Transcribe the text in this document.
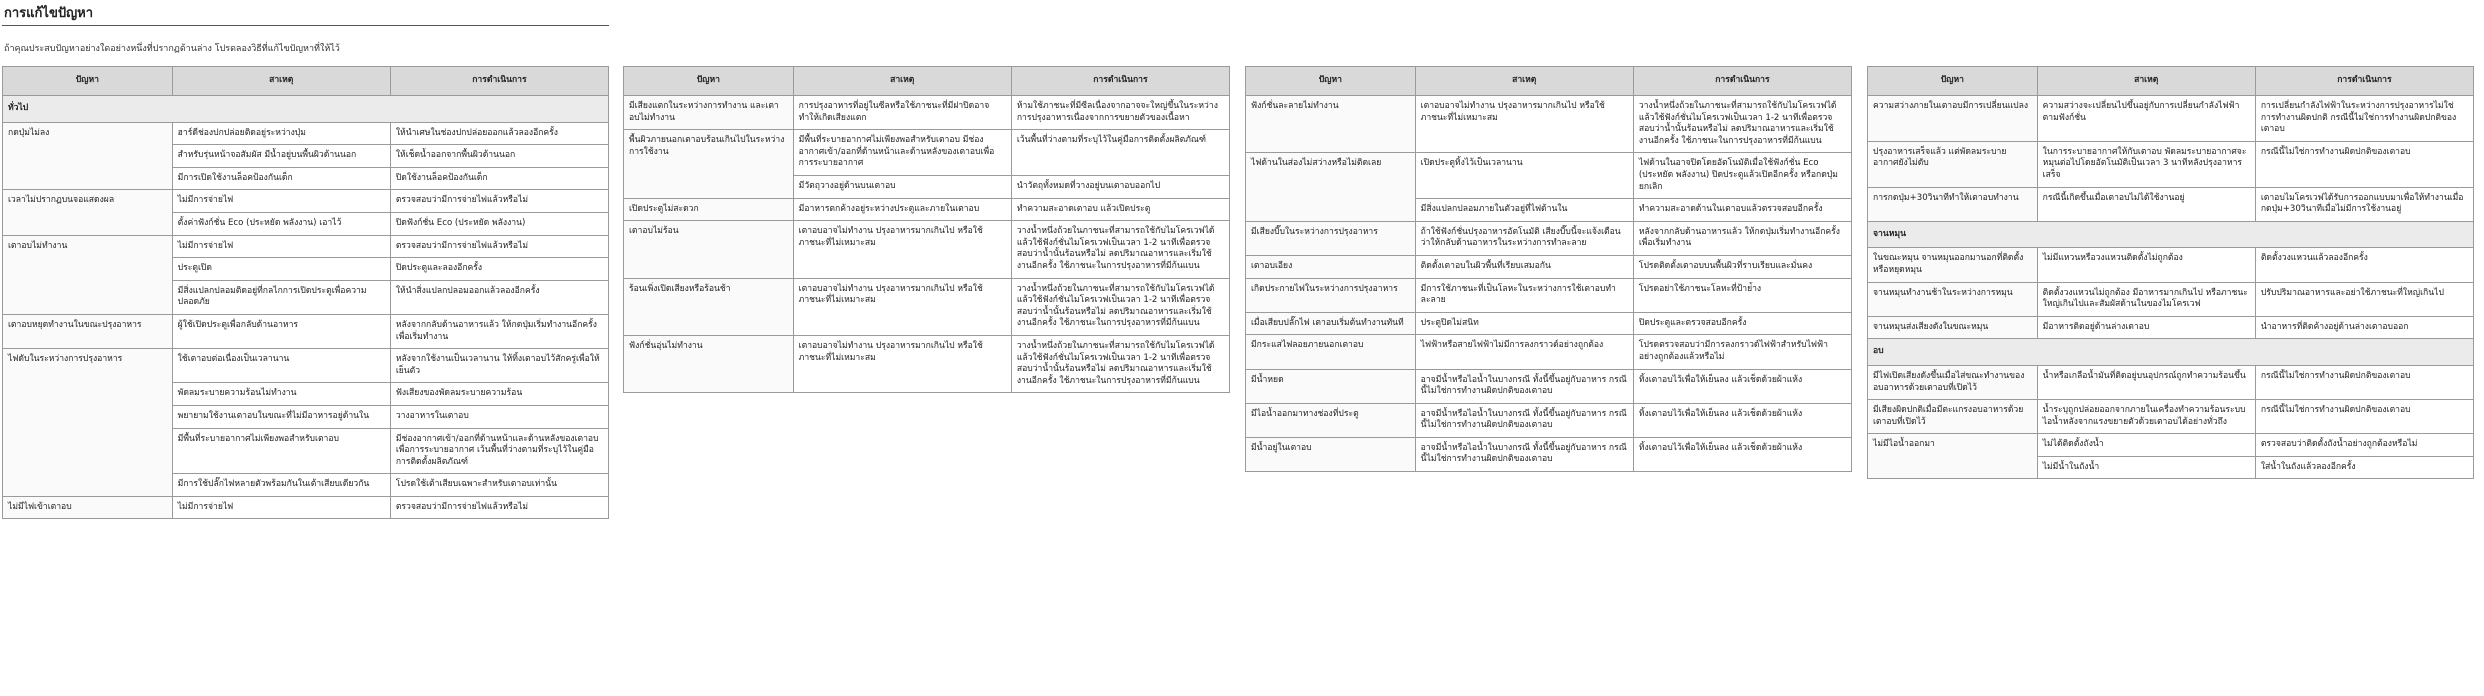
การแก้ไขปัญหา
ถ้าคุณประสบปัญหาอย่างใดอย่างหนึ่งที่ปรากฏด้านล่าง โปรดลองวิธีที่แก้ไขปัญหาที่ให้ไว้
ปัญหา	สาเหตุ	การดำเนินการ
ทั่วไป		
กดปุ่มไม่ลง	ฮาร์ดีช่องปกปล่อยติดอยู่ระหว่างปุ่ม	ให้นำเศษในช่องปกปล่อยออกแล้วลองอีกครั้ง
	สำหรับรุ่นหน้าจอสัมผัส มีน้ำอยู่บนพื้นผิวด้านนอก	ให้เช็ดน้ำออกจากพื้นผิวด้านนอก
	มีการเปิดใช้งานล็อคป้องกันเด็ก	ปิดใช้งานล็อคป้องกันเด็ก
เวลาไม่ปรากฏบนจอแสดงผล	ไม่มีการจ่ายไฟ	ตรวจสอบว่ามีการจ่ายไฟแล้วหรือไม่
	ตั้งค่าฟังก์ชั่น Eco (ประหยัด พลังงาน) เอาไว้	ปิดฟังก์ชั่น Eco (ประหยัด พลังงาน)
เตาอบไม่ทำงาน	ไม่มีการจ่ายไฟ	ตรวจสอบว่ามีการจ่ายไฟแล้วหรือไม่
	ประตูเปิด	ปิดประตูและลองอีกครั้ง
	มีสิ่งแปลกปลอมติดอยู่ที่กลไกการเปิดประตูเพื่อความปลอดภัย	ให้นำสิ่งแปลกปลอมออกแล้วลองอีกครั้ง
เตาอบหยุดทำงานในขณะปรุงอาหาร	ผู้ใช้เปิดประตูเพื่อกลับด้านอาหาร	หลังจากกลับด้านอาหารแล้ว ให้กดปุ่มเริ่มทำงานอีกครั้งเพื่อเริ่มทำงาน
ไฟดับในระหว่างการปรุงอาหาร	ใช้เตาอบต่อเนื่องเป็นเวลานาน	หลังจากใช้งานเป็นเวลานาน ให้ทิ้งเตาอบไว้สักครู่เพื่อให้เย็นตัว
	พัดลมระบายความร้อนไม่ทำงาน	ฟังเสียงของพัดลมระบายความร้อน
	พยายามใช้งานเตาอบในขณะที่ไม่มีอาหารอยู่ด้านใน	วางอาหารในเตาอบ
	มีพื้นที่ระบายอากาศไม่เพียงพอสำหรับเตาอบ	มีช่องอากาศเข้า/ออกที่ด้านหน้าและด้านหลังของเตาอบเพื่อการระบายอากาศ เว้นพื้นที่ว่างตามที่ระบุไว้ในคู่มือการติดตั้งผลิตภัณฑ์
	มีการใช้ปลั๊กไฟหลายตัวพร้อมกันในเต้าเสียบเดียวกัน	โปรดใช้เต้าเสียบเฉพาะสำหรับเตาอบเท่านั้น
ไม่มีไฟเข้าเตาอบ	ไม่มีการจ่ายไฟ	ตรวจสอบว่ามีการจ่ายไฟแล้วหรือไม่
ปัญหา	สาเหตุ	การดำเนินการ
มีเสียงแตกในระหว่างการทำงาน และเตาอบไม่ทำงาน	การปรุงอาหารที่อยู่ในซีลหรือใช้ภาชนะที่มีฝาปิดอาจทำให้เกิดเสียงแตก	ห้ามใช้ภาชนะที่มีซีลเนื่องจากอาจจะใหญ่ขึ้นในระหว่างการปรุงอาหารเนื่องจากการขยายตัวของเนื้อหา
พื้นผิวภายนอกเตาอบร้อนเกินไปในระหว่างการใช้งาน	มีพื้นที่ระบายอากาศไม่เพียงพอสำหรับเตาอบ มีช่องอากาศเข้า/ออกที่ด้านหน้าและด้านหลังของเตาอบเพื่อการระบายอากาศ	เว้นพื้นที่ว่างตามที่ระบุไว้ในคู่มือการติดตั้งผลิตภัณฑ์
	มีวัตถุวางอยู่ด้านบนเตาอบ	นำวัตถุทั้งหมดที่วางอยู่บนเตาอบออกไป
เปิดประตูไม่สะดวก	มีอาหารตกค้างอยู่ระหว่างประตูและภายในเตาอบ	ทำความสะอาดเตาอบ แล้วเปิดประตู
เตาอบไม่ร้อน	เตาอบอาจไม่ทำงาน ปรุงอาหารมากเกินไป หรือใช้ภาชนะที่ไม่เหมาะสม	วางน้ำหนึ่งถ้วยในภาชนะที่สามารถใช้กับไมโครเวฟได้ แล้วใช้ฟังก์ชั่นไมโครเวฟเป็นเวลา 1-2 นาทีเพื่อตรวจสอบว่าน้ำนั้นร้อนหรือไม่ ลดปริมาณอาหารและเริ่มใช้งานอีกครั้ง ใช้ภาชนะในการปรุงอาหารที่มีก้นแบน
ร้อนเพิ่งเปิดเสียงหรือร้อนช้า	เตาอบอาจไม่ทำงาน ปรุงอาหารมากเกินไป หรือใช้ภาชนะที่ไม่เหมาะสม	วางน้ำหนึ่งถ้วยในภาชนะที่สามารถใช้กับไมโครเวฟได้ แล้วใช้ฟังก์ชั่นไมโครเวฟเป็นเวลา 1-2 นาทีเพื่อตรวจสอบว่าน้ำนั้นร้อนหรือไม่ ลดปริมาณอาหารและเริ่มใช้งานอีกครั้ง ใช้ภาชนะในการปรุงอาหารที่มีก้นแบน
ฟังก์ชั่นอุ่นไม่ทำงาน	เตาอบอาจไม่ทำงาน ปรุงอาหารมากเกินไป หรือใช้ภาชนะที่ไม่เหมาะสม	วางน้ำหนึ่งถ้วยในภาชนะที่สามารถใช้กับไมโครเวฟได้ แล้วใช้ฟังก์ชั่นไมโครเวฟเป็นเวลา 1-2 นาทีเพื่อตรวจสอบว่าน้ำนั้นร้อนหรือไม่ ลดปริมาณอาหารและเริ่มใช้งานอีกครั้ง ใช้ภาชนะในการปรุงอาหารที่มีก้นแบน
ปัญหา	สาเหตุ	การดำเนินการ
ฟังก์ชั่นละลายไม่ทำงาน	เตาอบอาจไม่ทำงาน ปรุงอาหารมากเกินไป หรือใช้ภาชนะที่ไม่เหมาะสม	วางน้ำหนึ่งถ้วยในภาชนะที่สามารถใช้กับไมโครเวฟได้ แล้วใช้ฟังก์ชั่นไมโครเวฟเป็นเวลา 1-2 นาทีเพื่อตรวจสอบว่าน้ำนั้นร้อนหรือไม่ ลดปริมาณอาหารและเริ่มใช้งานอีกครั้ง ใช้ภาชนะในการปรุงอาหารที่มีก้นแบน
ไฟด้านในส่องไม่สว่างหรือไม่ติดเลย	เปิดประตูทิ้งไว้เป็นเวลานาน	ไฟด้านในอาจปิดโดยอัตโนมัติเมื่อใช้ฟังก์ชั่น Eco (ประหยัด พลังงาน) ปิดประตูแล้วเปิดอีกครั้ง หรือกดปุ่มยกเลิก
	มีสิ่งแปลกปลอมภายในตัวอยู่ที่ไฟด้านใน	ทำความสะอาดด้านในเตาอบแล้วตรวจสอบอีกครั้ง
มีเสียงบี๊บในระหว่างการปรุงอาหาร	ถ้าใช้ฟังก์ชั่นปรุงอาหารอัตโนมัติ เสียงบี๊บนี้จะแจ้งเตือนว่าให้กลับด้านอาหารในระหว่างการทำละลาย	หลังจากกลับด้านอาหารแล้ว ให้กดปุ่มเริ่มทำงานอีกครั้งเพื่อเริ่มทำงาน
เตาอบเอียง	ติดตั้งเตาอบในผิวพื้นที่เรียบเสมอกัน	โปรดติดตั้งเตาอบบนพื้นผิวที่ราบเรียบและมั่นคง
เกิดประกายไฟในระหว่างการปรุงอาหาร	มีการใช้ภาชนะที่เป็นโลหะในระหว่างการใช้เตาอบทำละลาย	โปรดอย่าใช้ภาชนะโลหะที่ป้าย่้าง
เมื่อเสียบปลั๊กไฟ เตาอบเริ่มต้นทำงานทันที	ประตูปิดไม่สนิท	ปิดประตูและตรวจสอบอีกครั้ง
มีกระแสไฟลอยภายนอกเตาอบ	ไฟฟ้าหรือสายไฟฟ้าไม่มีการลงกราวด์อย่างถูกต้อง	โปรดตรวจสอบว่ามีการลงกราวด์ไฟฟ้าสำหรับไฟฟ้าอย่างถูกต้องแล้วหรือไม่
มีน้ำหยด	อาจมีน้ำหรือไอน้ำในบางกรณี ทั้งนี้ขึ้นอยู่กับอาหาร กรณีนี้ไม่ใช่การทำงานผิดปกติของเตาอบ	ทิ้งเตาอบไว้เพื่อให้เย็นลง แล้วเช็ดด้วยผ้าแห้ง
มีไอน้ำออกมาทางช่องที่ประตู	อาจมีน้ำหรือไอน้ำในบางกรณี ทั้งนี้ขึ้นอยู่กับอาหาร กรณีนี้ไม่ใช่การทำงานผิดปกติของเตาอบ	ทิ้งเตาอบไว้เพื่อให้เย็นลง แล้วเช็ดด้วยผ้าแห้ง
มีน้ำอยู่ในเตาอบ	อาจมีน้ำหรือไอน้ำในบางกรณี ทั้งนี้ขึ้นอยู่กับอาหาร กรณีนี้ไม่ใช่การทำงานผิดปกติของเตาอบ	ทิ้งเตาอบไว้เพื่อให้เย็นลง แล้วเช็ดด้วยผ้าแห้ง
ปัญหา	สาเหตุ	การดำเนินการ
ความสว่างภายในเตาอบมีการเปลี่ยนแปลง	ความสว่างจะเปลี่ยนไปขึ้นอยู่กับการเปลี่ยนกำลังไฟฟ้าตามฟังก์ชั่น	การเปลี่ยนกำลังไฟฟ้าในระหว่างการปรุงอาหารไม่ใช่การทำงานผิดปกติ กรณีนี้ไม่ใช่การทำงานผิดปกติของเตาอบ
ปรุงอาหารเสร็จแล้ว แต่พัดลมระบายอากาศยังไม่ดับ	ในการระบายอากาศให้กับเตาอบ พัดลมระบายอากาศจะหมุนต่อไปโดยอัตโนมัติเป็นเวลา 3 นาทีหลังปรุงอาหารเสร็จ	กรณีนี้ไม่ใช่การทำงานผิดปกติของเตาอบ
การกดปุ่ม+30วินาทีทำให้เตาอบทำงาน	กรณีนี้เกิดขึ้นเมื่อเตาอบไม่ได้ใช้งานอยู่	เตาอบไมโครเวฟได้รับการออกแบบมาเพื่อให้ทำงานเมื่อกดปุ่ม+30วินาทีเมื่อไม่มีการใช้งานอยู่
จานหมุน		
ในขณะหมุน จานหมุนออกมานอกที่ติดตั้งหรือหยุดหมุน	ไม่มีแหวนหรือวงแหวนติดตั้งไม่ถูกต้อง	ติดตั้งวงแหวนแล้วลองอีกครั้ง
จานหมุนทำงานช้าในระหว่างการหมุน	ติดตั้งวงแหวนไม่ถูกต้อง มีอาหารมากเกินไป หรือภาชนะใหญ่เกินไปและสัมผัสด้านในของไมโครเวฟ	ปรับปริมาณอาหารและอย่าใช้ภาชนะที่ใหญ่เกินไป
จานหมุนส่งเสียงดังในขณะหมุน	มีอาหารติดอยู่ด้านล่างเตาอบ	นำอาหารที่ติดค้างอยู่ด้านล่างเตาอบออก
อบ		
มีไฟเปิดเสียงดังขึ้นเมื่อไส่ขณะทำงานของอบอาหารด้วยเตาอบที่เปิดไว้	น้ำหรือเกลือน้ำมันที่ติดอยู่บนอุปกรณ์ถูกทำความร้อนขึ้น	กรณีนี้ไม่ใช่การทำงานผิดปกติของเตาอบ
มีเสียงผิดปกติเมื่อมีตะแกรงอบอาหารด้วยเตาอบที่เปิดไว้	น้ำระบุถูกปล่อยออกจากภายในเครื่องทำความร้อนระบบไอน้ำหลังจากแรงขยายตัวด้วยเตาอบได้อย่างทั่วถึง	กรณีนี้ไม่ใช่การทำงานผิดปกติของเตาอบ
ไม่มีไอน้ำออกมา	ไม่ได้ติดตั้งถังน้ำ	ตรวจสอบว่าติดตั้งถังน้ำอย่างถูกต้องหรือไม่
	ไม่มีน้ำในถังน้ำ	ใส่น้ำในถังแล้วลองอีกครั้ง
